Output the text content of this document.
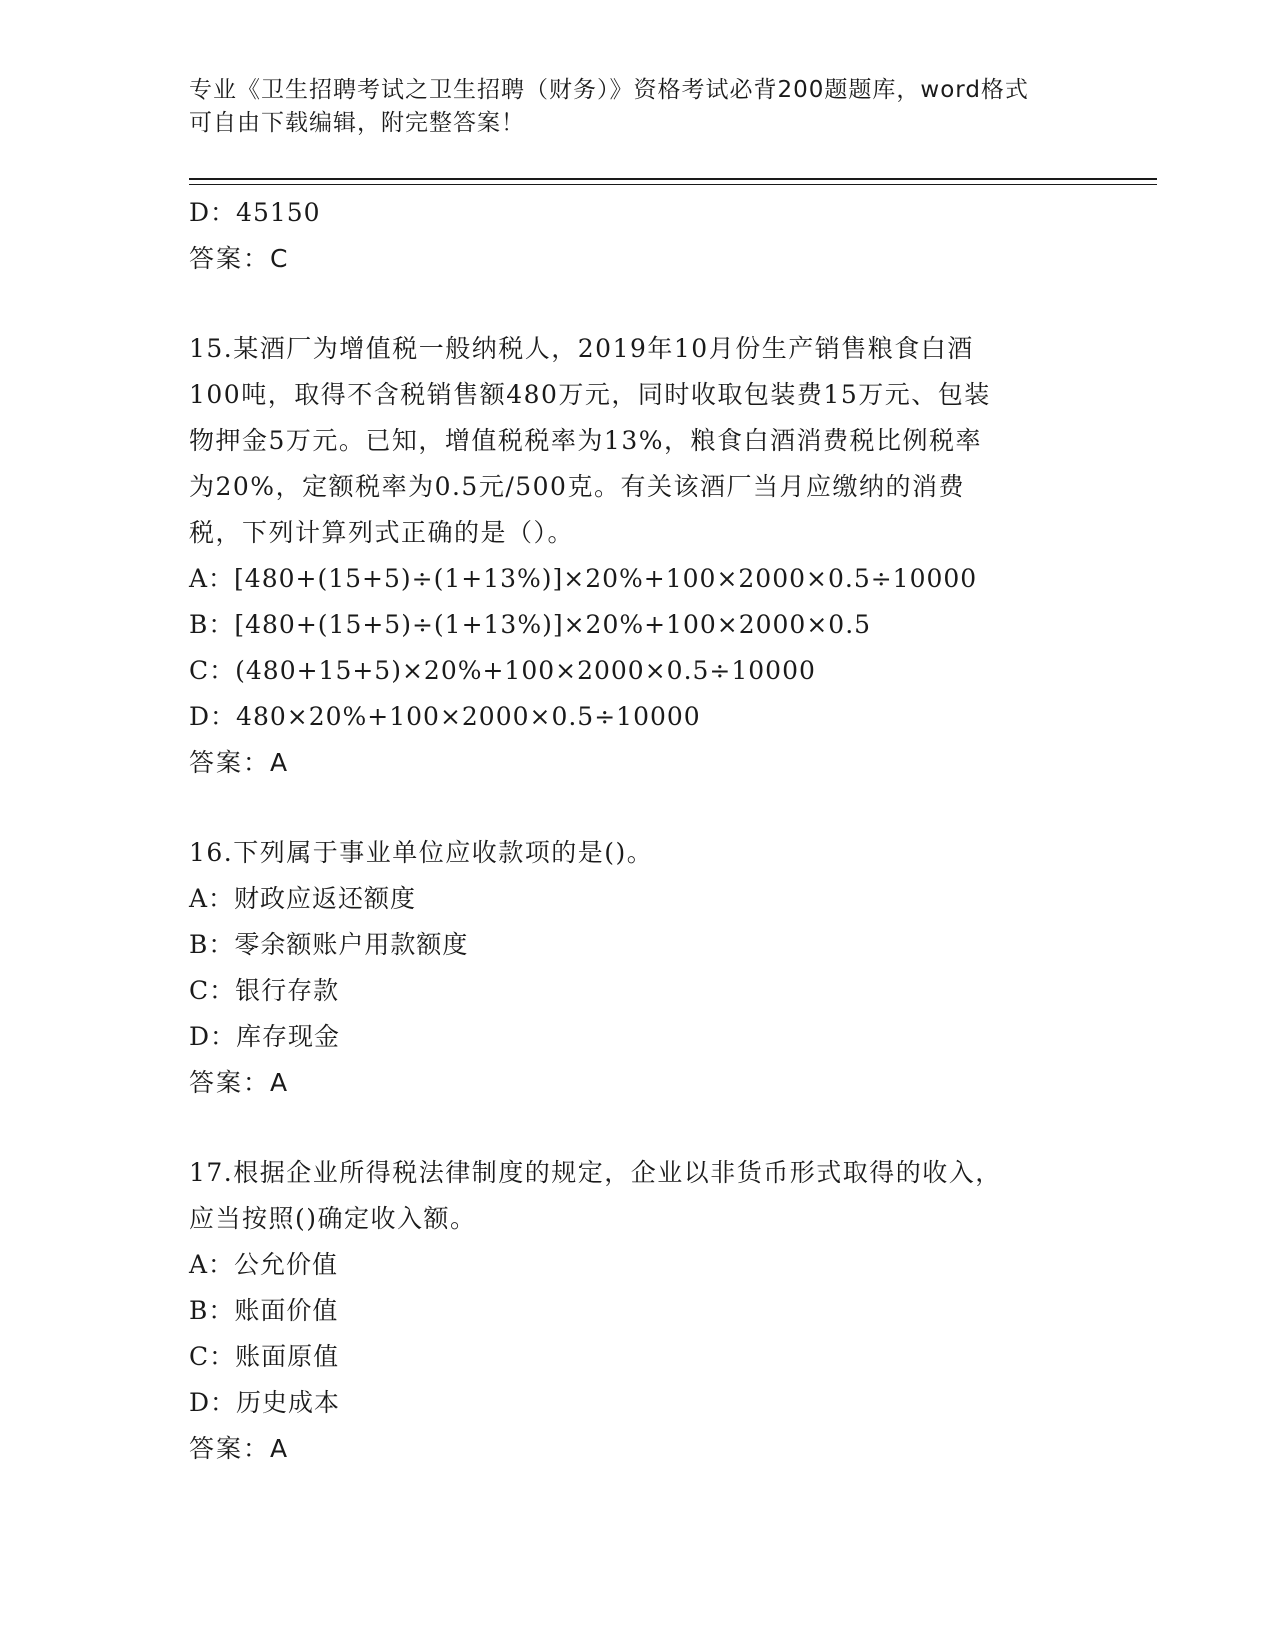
专业《卫生招聘考试之卫生招聘（财务）》资格考试必背200题题库，word格式
可自由下载编辑，附完整答案！
D：45150
答案：C
15.某酒厂为增值税一般纳税人，2019年10月份生产销售粮食白酒
100吨，取得不含税销售额480万元，同时收取包装费15万元、包装
物押金5万元。已知，增值税税率为13%，粮食白酒消费税比例税率
为20%，定额税率为0.5元/500克。有关该酒厂当月应缴纳的消费
税，下列计算列式正确的是（）。
A：[480+(15+5)÷(1+13%)]×20%+100×2000×0.5÷10000
B：[480+(15+5)÷(1+13%)]×20%+100×2000×0.5
C：(480+15+5)×20%+100×2000×0.5÷10000
D：480×20%+100×2000×0.5÷10000
答案：A
16.下列属于事业单位应收款项的是()。
A：财政应返还额度
B：零余额账户用款额度
C：银行存款
D：库存现金
答案：A
17.根据企业所得税法律制度的规定，企业以非货币形式取得的收入，
应当按照()确定收入额。
A：公允价值
B：账面价值
C：账面原值
D：历史成本
答案：A
